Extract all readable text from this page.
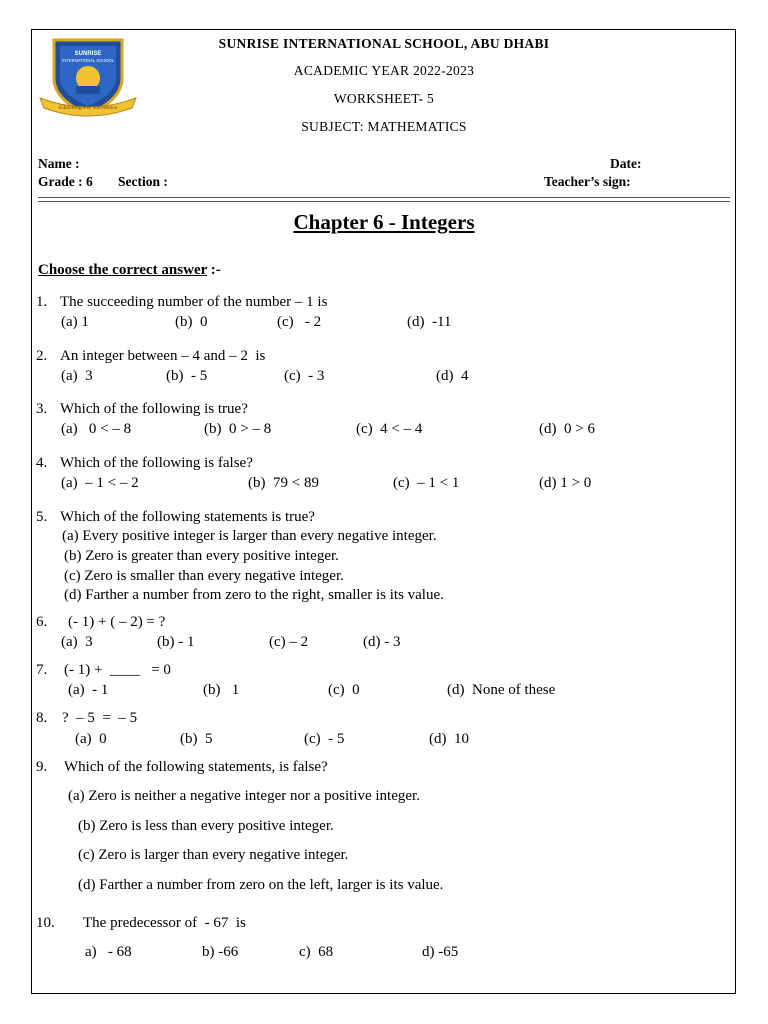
SUNRISE
INTERNATIONAL SCHOOL
Educating For Excellence
SUNRISE INTERNATIONAL SCHOOL, ABU DHABI
ACADEMIC YEAR 2022-2023
WORKSHEET- 5
SUBJECT: MATHEMATICS
Name :	Date:
Grade : 6 Section :	Teacher’s sign:
Chapter 6 - Integers
Choose the correct answer :-
1. The succeeding number of the number – 1 is
(a) 1	(b)  0	(c)   - 2	(d)  -11
2. An integer between – 4 and – 2  is
(a)  3	(b)  - 5	(c)  - 3	(d)  4
3. Which of the following is true?
(a)   0 < – 8	(b)  0 > – 8	(c)  4 < – 4	(d)  0 > 6
4. Which of the following is false?
(a)  – 1 < – 2	(b)  79 < 89	(c)  – 1 < 1	(d) 1 > 0
5. Which of the following statements is true?
(a) Every positive integer is larger than every negative integer.
(b) Zero is greater than every positive integer.
(c) Zero is smaller than every negative integer.
(d) Farther a number from zero to the right, smaller is its value.
6. (- 1) + ( – 2) = ?
(a)  3	(b) - 1	(c) – 2	(d) - 3
7. (- 1) +  ____   = 0
(a)  - 1	(b)   1	(c)  0	(d)  None of these
8. ?  – 5  =  – 5
(a)  0	(b)  5	(c)  - 5	(d)  10
9. Which of the following statements, is false?
(a) Zero is neither a negative integer nor a positive integer.
(b) Zero is less than every positive integer.
(c) Zero is larger than every negative integer.
(d) Farther a number from zero on the left, larger is its value.
10. The predecessor of  - 67  is
a)   - 68	b) -66	c)  68	d) -65
